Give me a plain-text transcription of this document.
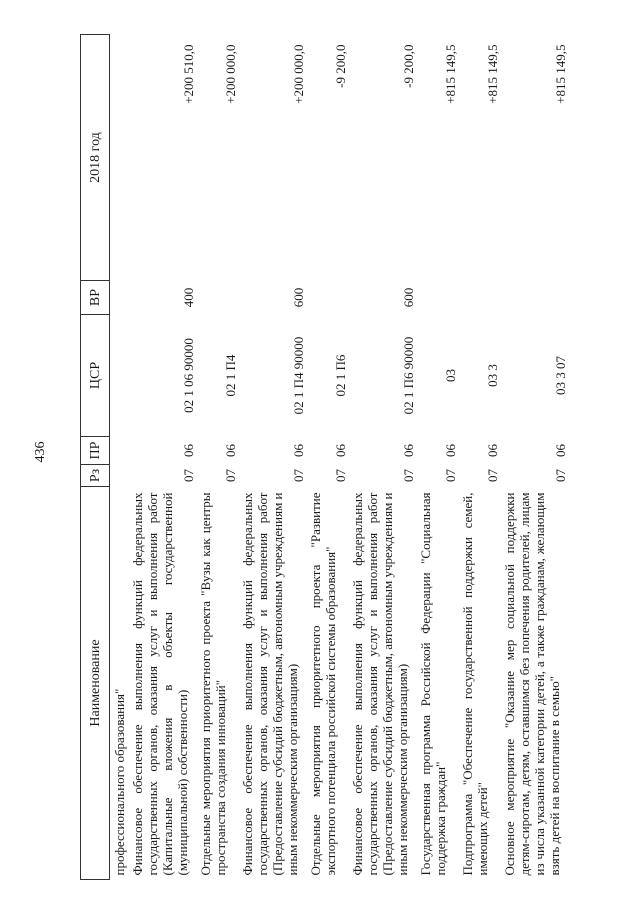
436
Наименование	Рз	ПР	ЦСР	ВР	2018 год
профессионального образования"					
Финансовое обеспечение выполнения функций федеральных государственных органов, оказания услуг и выполнения работ (Капитальные вложения в объекты государственной (муниципальной) собственности)	07	06	02 1 06 90000	400	+200 510,0
Отдельные мероприятия приоритетного проекта "Вузы как центры пространства создания инноваций"	07	06	02 1 П4		+200 000,0
Финансовое обеспечение выполнения функций федеральных государственных органов, оказания услуг и выполнения работ (Предоставление субсидий бюджетным, автономным учреждениям и иным некоммерческим организациям)	07	06	02 1 П4 90000	600	+200 000,0
Отдельные мероприятия приоритетного проекта "Развитие экспортного потенциала российской системы образования"	07	06	02 1 П6		-9 200,0
Финансовое обеспечение выполнения функций федеральных государственных органов, оказания услуг и выполнения работ (Предоставление субсидий бюджетным, автономным учреждениям и иным некоммерческим организациям)	07	06	02 1 П6 90000	600	-9 200,0
Государственная программа Российской Федерации "Социальная поддержка граждан"	07	06	03		+815 149,5
Подпрограмма "Обеспечение государственной поддержки семей, имеющих детей"	07	06	03 3		+815 149,5
Основное мероприятие "Оказание мер социальной поддержки детям-сиротам, детям, оставшимся без попечения родителей, лицам из числа указанной категории детей, а также гражданам, желающим взять детей на воспитание в семью"	07	06	03 3 07		+815 149,5
